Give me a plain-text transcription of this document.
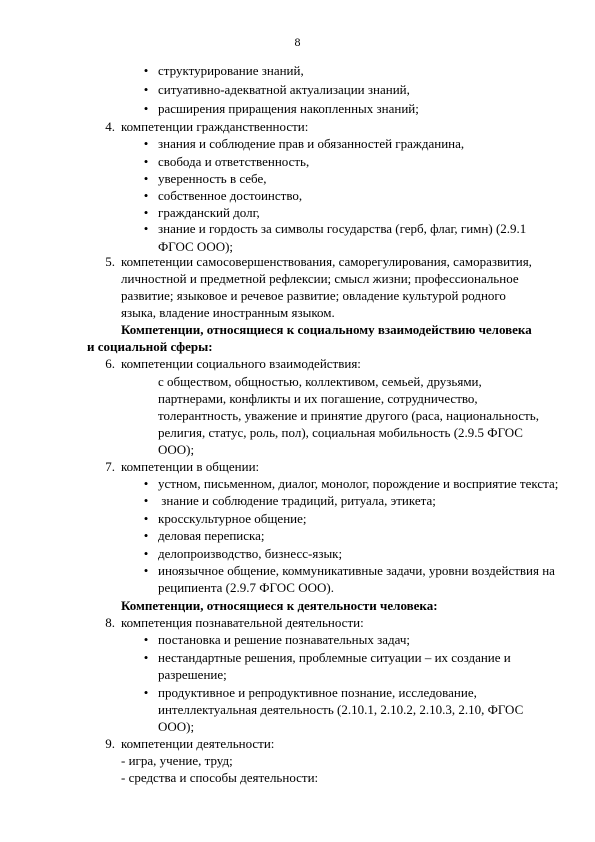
8
• структурирование знаний,
• ситуативно-адекватной актуализации знаний,
• расширения приращения накопленных знаний;
4. компетенции гражданственности:
• знания и соблюдение прав и обязанностей гражданина,
• свобода и ответственность,
• уверенность в себе,
• собственное достоинство,
• гражданский долг,
• знание и гордость за символы государства (герб, флаг, гимн) (2.9.1
ФГОС ООО);
5. компетенции самосовершенствования, саморегулирования, саморазвития,
личностной и предметной рефлексии; смысл жизни; профессиональное
развитие; языковое и речевое развитие; овладение культурой родного
языка, владение иностранным языком.
Компетенции, относящиеся к социальному взаимодействию человека
и социальной сферы:
6. компетенции социального взаимодействия:
с обществом, общностью, коллективом, семьей, друзьями,
партнерами, конфликты и их погашение, сотрудничество,
толерантность, уважение и принятие другого (раса, национальность,
религия, статус, роль, пол), социальная мобильность (2.9.5 ФГОС
ООО);
7. компетенции в общении:
• устном, письменном, диалог, монолог, порождение и восприятие текста;
• знание и соблюдение традиций, ритуала, этикета;
• кросскультурное общение;
• деловая переписка;
• делопроизводство, бизнесс-язык;
• иноязычное общение, коммуникативные задачи, уровни воздействия на
реципиента (2.9.7 ФГОС ООО).
Компетенции, относящиеся к деятельности человека:
8. компетенция познавательной деятельности:
• постановка и решение познавательных задач;
• нестандартные решения, проблемные ситуации – их создание и
разрешение;
• продуктивное и репродуктивное познание, исследование,
интеллектуальная деятельность (2.10.1, 2.10.2, 2.10.3, 2.10, ФГОС
ООО);
9. компетенции деятельности:
- игра, учение, труд;
- средства и способы деятельности:
